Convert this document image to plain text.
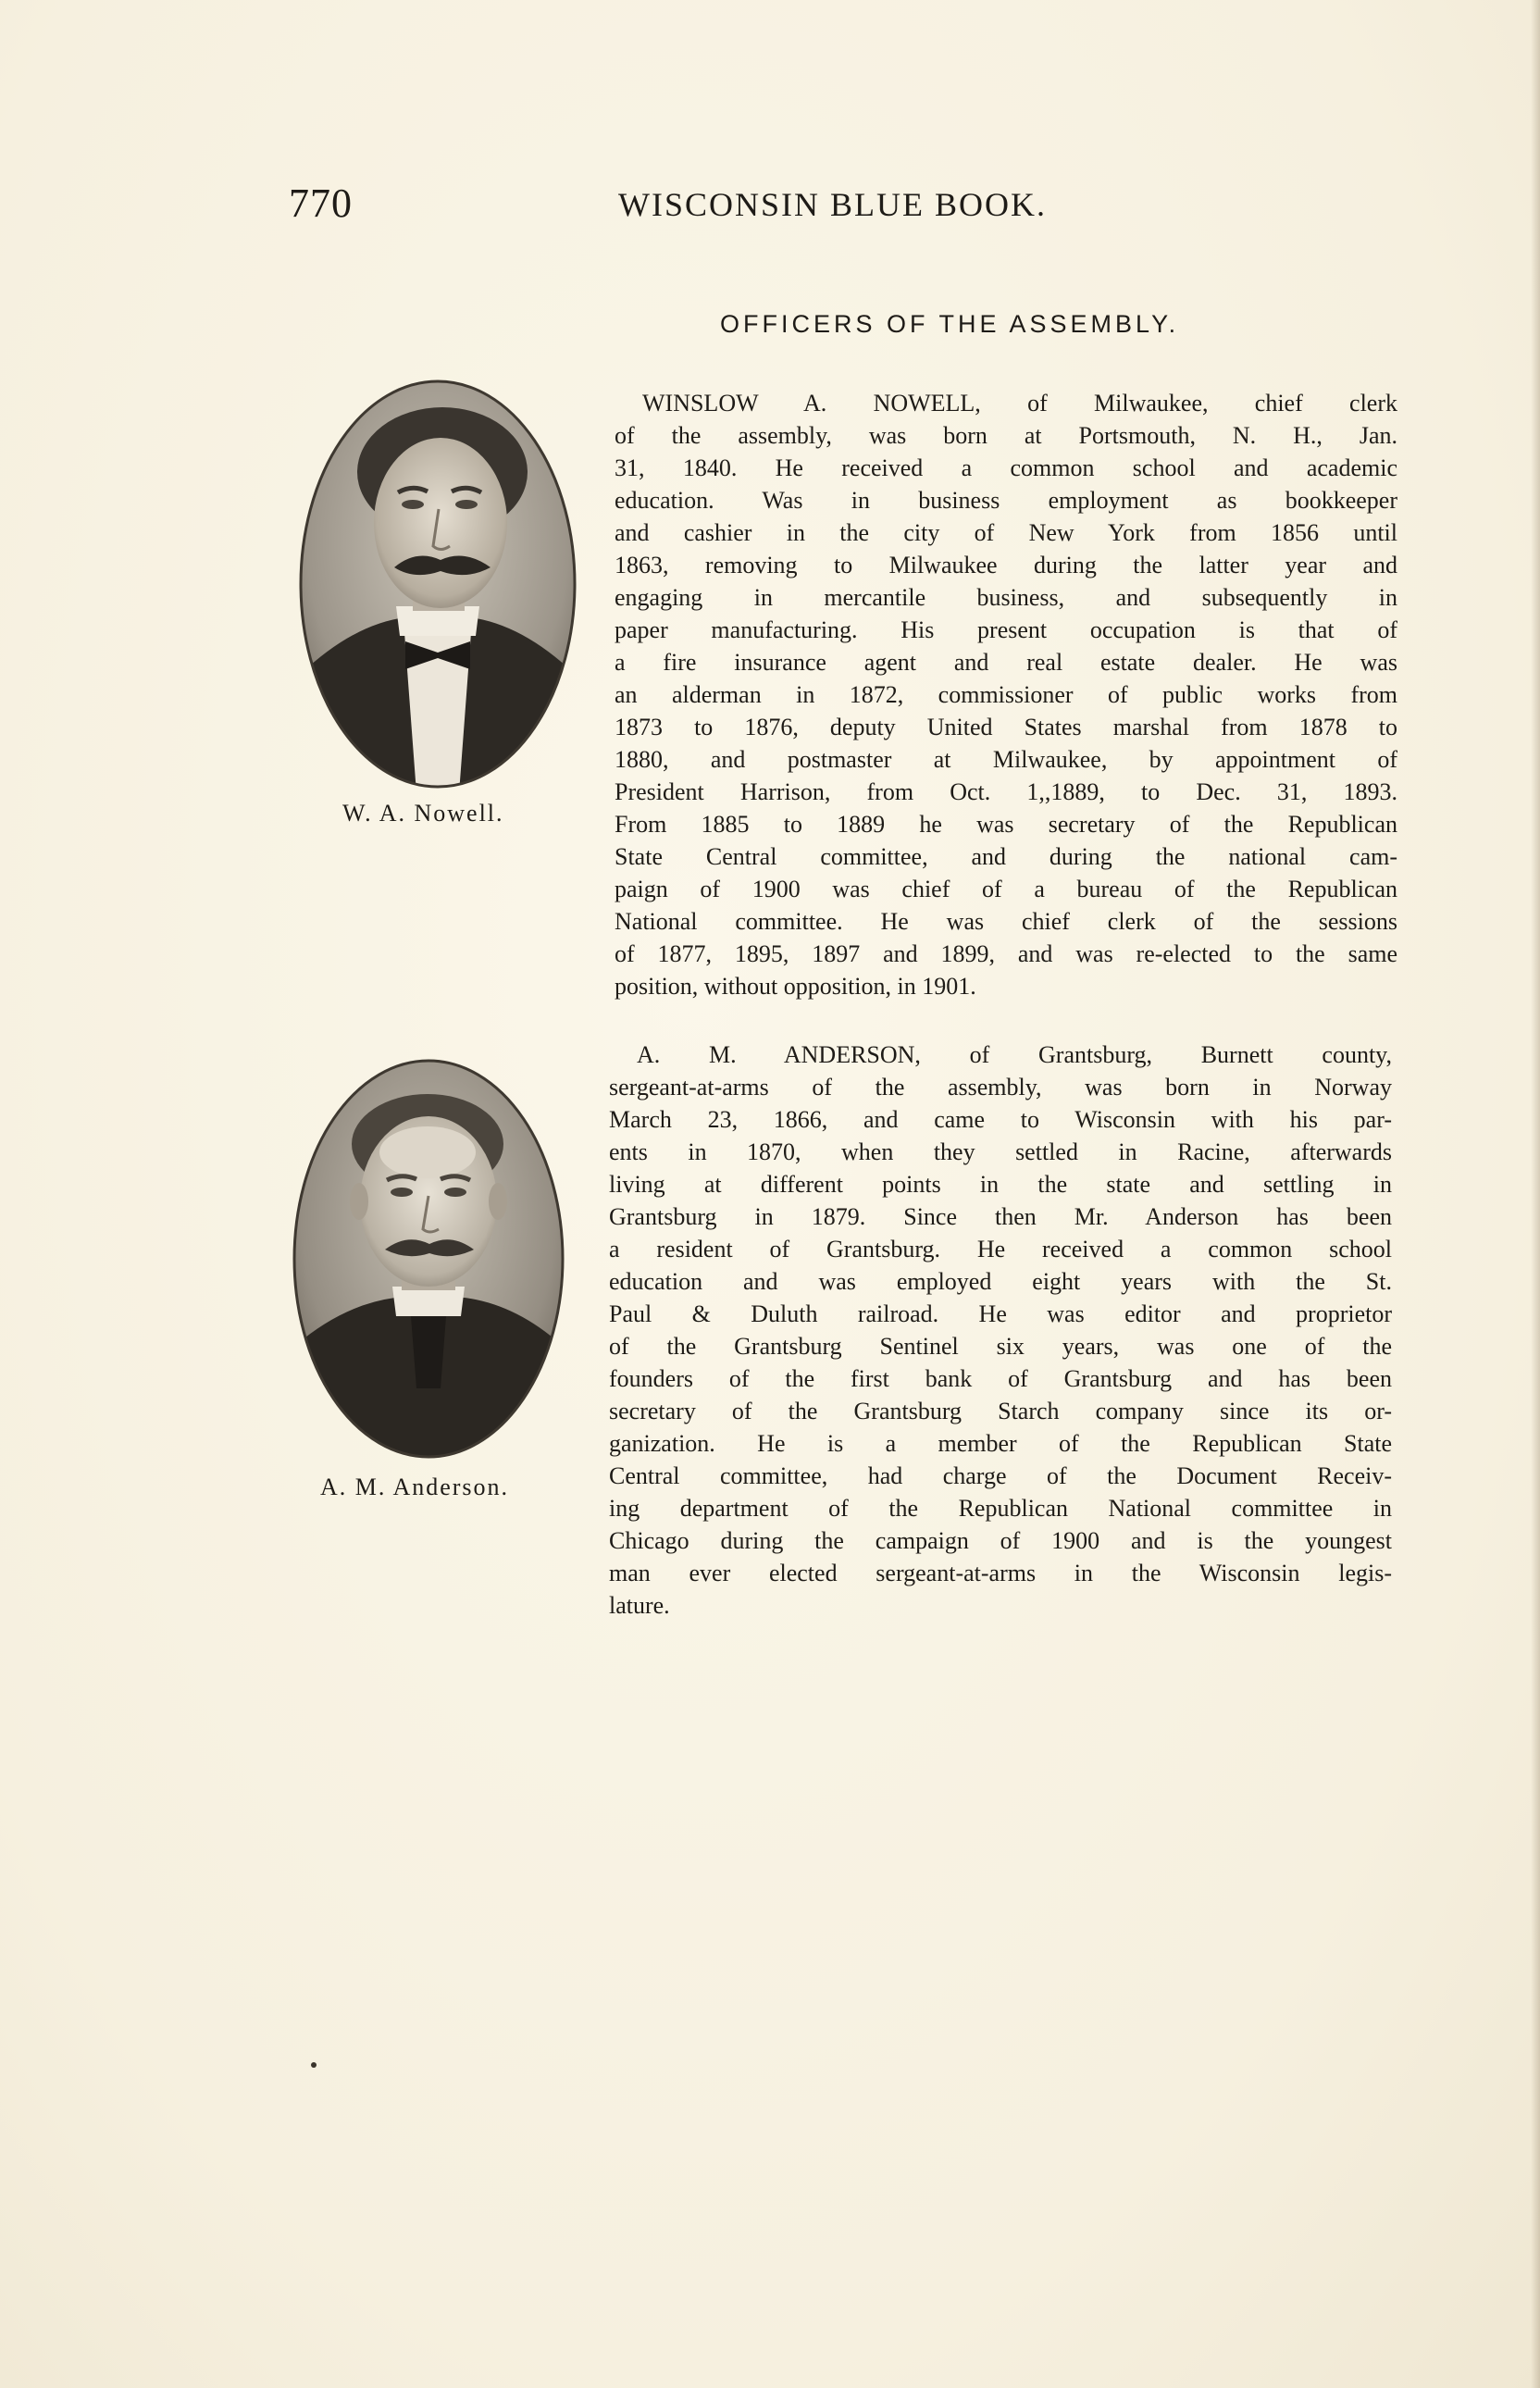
770	WISCONSIN BLUE BOOK.
OFFICERS OF THE ASSEMBLY.
W. A. Nowell.
A. M. Anderson.
WINSLOW A. NOWELL, of Milwaukee, chief clerk
of the assembly, was born at Portsmouth, N. H., Jan.
31, 1840. He received a common school and academic
education. Was in business employment as bookkeeper
and cashier in the city of New York from 1856 until
1863, removing to Milwaukee during the latter year and
engaging in mercantile business, and subsequently in
paper manufacturing. His present occupation is that of
a fire insurance agent and real estate dealer. He was
an alderman in 1872, commissioner of public works from
1873 to 1876, deputy United States marshal from 1878 to
1880, and postmaster at Milwaukee, by appointment of
President Harrison, from Oct. 1,,1889, to Dec. 31, 1893.
From 1885 to 1889 he was secretary of the Republican
State Central committee, and during the national cam-
paign of 1900 was chief of a bureau of the Republican
National committee. He was chief clerk of the sessions
of 1877, 1895, 1897 and 1899, and was re-elected to the same
position, without opposition, in 1901.
A. M. ANDERSON, of Grantsburg, Burnett county,
sergeant-at-arms of the assembly, was born in Norway
March 23, 1866, and came to Wisconsin with his par-
ents in 1870, when they settled in Racine, afterwards
living at different points in the state and settling in
Grantsburg in 1879. Since then Mr. Anderson has been
a resident of Grantsburg. He received a common school
education and was employed eight years with the St.
Paul & Duluth railroad. He was editor and proprietor
of the Grantsburg Sentinel six years, was one of the
founders of the first bank of Grantsburg and has been
secretary of the Grantsburg Starch company since its or-
ganization. He is a member of the Republican State
Central committee, had charge of the Document Receiv-
ing department of the Republican National committee in
Chicago during the campaign of 1900 and is the youngest
man ever elected sergeant-at-arms in the Wisconsin legis-
lature.
